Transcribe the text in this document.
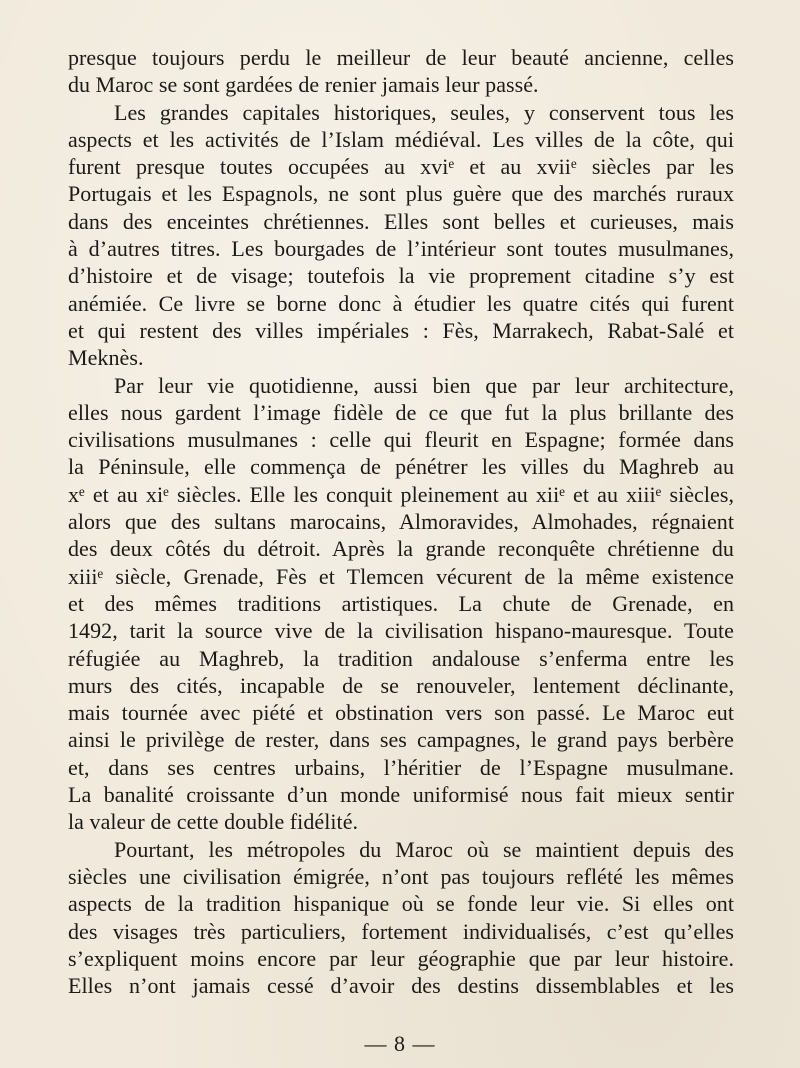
presque toujours perdu le meilleur de leur beauté ancienne, celles
du Maroc se sont gardées de renier jamais leur passé.

Les grandes capitales historiques, seules, y conservent tous les
aspects et les activités de l’Islam médiéval. Les villes de la côte, qui
furent presque toutes occupées au xviᵉ et au xviiᵉ siècles par les
Portugais et les Espagnols, ne sont plus guère que des marchés ruraux
dans des enceintes chrétiennes. Elles sont belles et curieuses, mais
à d’autres titres. Les bourgades de l’intérieur sont toutes musulmanes,
d’histoire et de visage; toutefois la vie proprement citadine s’y est
anémiée. Ce livre se borne donc à étudier les quatre cités qui furent
et qui restent des villes impériales : Fès, Marrakech, Rabat-Salé et
Meknès.

Par leur vie quotidienne, aussi bien que par leur architecture,
elles nous gardent l’image fidèle de ce que fut la plus brillante des
civilisations musulmanes : celle qui fleurit en Espagne; formée dans
la Péninsule, elle commença de pénétrer les villes du Maghreb au
xᵉ et au xiᵉ siècles. Elle les conquit pleinement au xiiᵉ et au xiiiᵉ siècles,
alors que des sultans marocains, Almoravides, Almohades, régnaient
des deux côtés du détroit. Après la grande reconquête chrétienne du
xiiiᵉ siècle, Grenade, Fès et Tlemcen vécurent de la même existence
et des mêmes traditions artistiques. La chute de Grenade, en
1492, tarit la source vive de la civilisation hispano-mauresque. Toute
réfugiée au Maghreb, la tradition andalouse s’enferma entre les
murs des cités, incapable de se renouveler, lentement déclinante,
mais tournée avec piété et obstination vers son passé. Le Maroc eut
ainsi le privilège de rester, dans ses campagnes, le grand pays berbère
et, dans ses centres urbains, l’héritier de l’Espagne musulmane.
La banalité croissante d’un monde uniformisé nous fait mieux sentir
la valeur de cette double fidélité.

Pourtant, les métropoles du Maroc où se maintient depuis des
siècles une civilisation émigrée, n’ont pas toujours reflété les mêmes
aspects de la tradition hispanique où se fonde leur vie. Si elles ont
des visages très particuliers, fortement individualisés, c’est qu’elles
s’expliquent moins encore par leur géographie que par leur histoire.
Elles n’ont jamais cessé d’avoir des destins dissemblables et les

— 8 —
